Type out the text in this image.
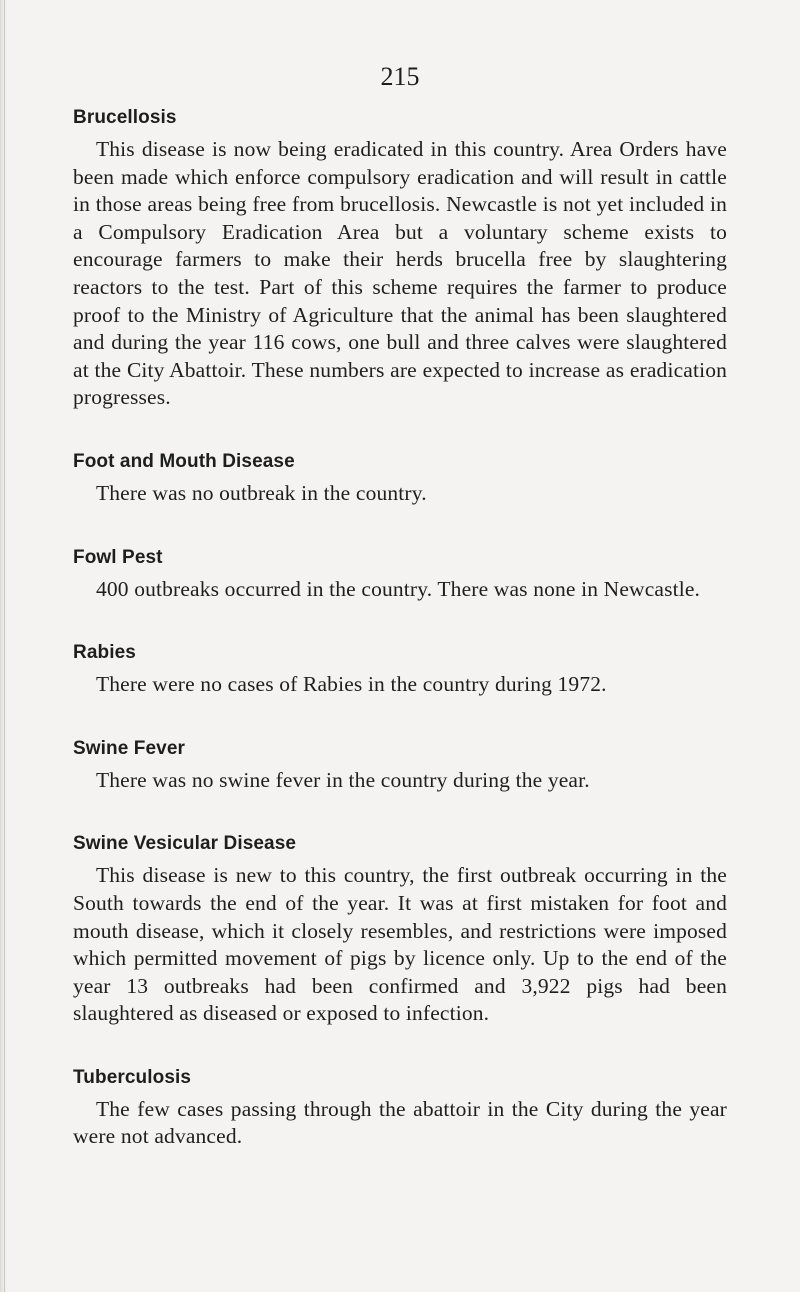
215
Brucellosis
This disease is now being eradicated in this country. Area Orders have been made which enforce compulsory eradication and will result in cattle in those areas being free from brucellosis. Newcastle is not yet included in a Compulsory Eradication Area but a voluntary scheme exists to encourage farmers to make their herds brucella free by slaughtering reactors to the test. Part of this scheme requires the farmer to produce proof to the Ministry of Agriculture that the animal has been slaughtered and during the year 116 cows, one bull and three calves were slaughtered at the City Abattoir. These numbers are expected to increase as eradication progresses.
Foot and Mouth Disease
There was no outbreak in the country.
Fowl Pest
400 outbreaks occurred in the country. There was none in Newcastle.
Rabies
There were no cases of Rabies in the country during 1972.
Swine Fever
There was no swine fever in the country during the year.
Swine Vesicular Disease
This disease is new to this country, the first outbreak occurring in the South towards the end of the year. It was at first mistaken for foot and mouth disease, which it closely resembles, and restrictions were imposed which permitted movement of pigs by licence only. Up to the end of the year 13 outbreaks had been confirmed and 3,922 pigs had been slaughtered as diseased or exposed to infection.
Tuberculosis
The few cases passing through the abattoir in the City during the year were not advanced.
